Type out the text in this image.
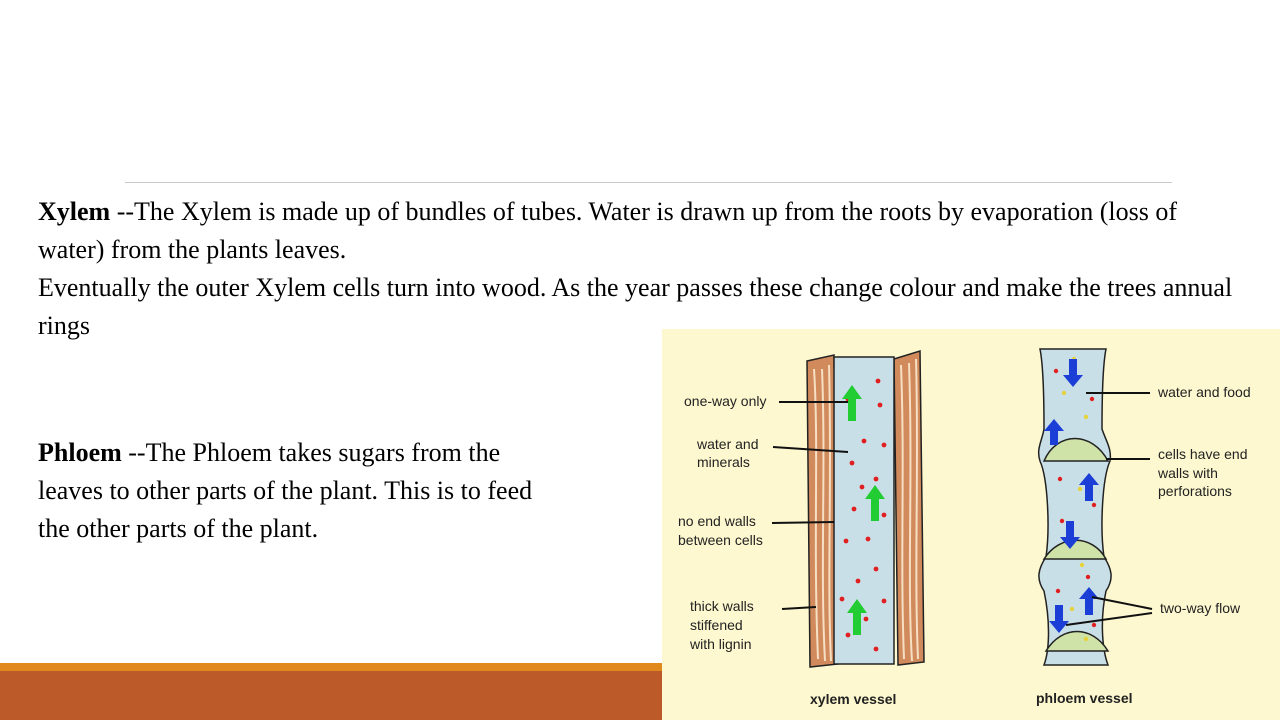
Xylem --The Xylem is made up of bundles of tubes. Water is drawn up from the roots by evaporation (loss of water) from the plants leaves.

Eventually the outer Xylem cells turn into wood. As the year passes these change colour and make the trees annual rings

Phloem --The Phloem takes sugars from the leaves to other parts of the plant. This is to feed the other parts of the plant.

one-way only
water and
minerals
no end walls
between cells
thick walls
stiffened
with lignin
water and food
cells have end
walls with
perforations
two-way flow
xylem vessel	phloem vessel
